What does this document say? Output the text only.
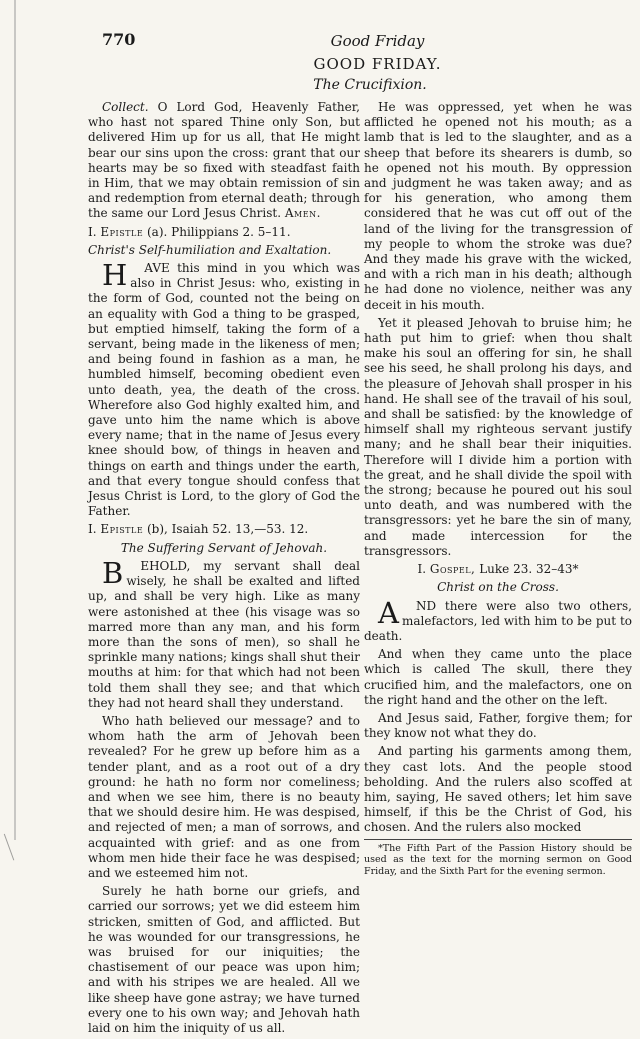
770	Good Friday
GOOD FRIDAY.
The Crucifixion.

Collect. O Lord God, Heavenly Father, who hast not spared Thine only Son, but delivered Him up for us all, that He might bear our sins upon the cross: grant that our hearts may be so fixed with steadfast faith in Him, that we may obtain remission of sin and redemption from eternal death; through the same our Lord Jesus Christ. Amen.

I. Epistle (a). Philippians 2. 5–11.

Christ's Self-humiliation and Exaltation.

H AVE this mind in you which was also in Christ Jesus: who, existing in the form of God, counted not the being on an equality with God a thing to be grasped, but emptied himself, taking the form of a servant, being made in the likeness of men; and being found in fashion as a man, he humbled himself, becoming obedient even unto death, yea, the death of the cross. Wherefore also God highly exalted him, and gave unto him the name which is above every name; that in the name of Jesus every knee should bow, of things in heaven and things on earth and things under the earth, and that every tongue should confess that Jesus Christ is Lord, to the glory of God the Father.

I. Epistle (b), Isaiah 52. 13,—53. 12.

The Suffering Servant of Jehovah.

B EHOLD, my servant shall deal wisely, he shall be exalted and lifted up, and shall be very high. Like as many were astonished at thee (his visage was so marred more than any man, and his form more than the sons of men), so shall he sprinkle many nations; kings shall shut their mouths at him: for that which had not been told them shall they see; and that which they had not heard shall they understand.

Who hath believed our message? and to whom hath the arm of Jehovah been revealed? For he grew up before him as a tender plant, and as a root out of a dry ground: he hath no form nor comeliness; and when we see him, there is no beauty that we should desire him. He was despised, and rejected of men; a man of sorrows, and acquainted with grief: and as one from whom men hide their face he was despised; and we esteemed him not.

Surely he hath borne our griefs, and carried our sorrows; yet we did esteem him stricken, smitten of God, and afflicted. But he was wounded for our transgressions, he was bruised for our iniquities; the chastisement of our peace was upon him; and with his stripes we are healed. All we like sheep have gone astray; we have turned every one to his own way; and Jehovah hath laid on him the iniquity of us all.

He was oppressed, yet when he was afflicted he opened not his mouth; as a lamb that is led to the slaughter, and as a sheep that before its shearers is dumb, so he opened not his mouth. By oppression and judgment he was taken away; and as for his generation, who among them considered that he was cut off out of the land of the living for the transgression of my people to whom the stroke was due? And they made his grave with the wicked, and with a rich man in his death; although he had done no violence, neither was any deceit in his mouth.

Yet it pleased Jehovah to bruise him; he hath put him to grief: when thou shalt make his soul an offering for sin, he shall see his seed, he shall prolong his days, and the pleasure of Jehovah shall prosper in his hand. He shall see of the travail of his soul, and shall be satisfied: by the knowledge of himself shall my righteous servant justify many; and he shall bear their iniquities. Therefore will I divide him a portion with the great, and he shall divide the spoil with the strong; because he poured out his soul unto death, and was numbered with the transgressors: yet he bare the sin of many, and made intercession for the transgressors.

I. Gospel, Luke 23. 32–43*

Christ on the Cross.

A ND there were also two others, malefactors, led with him to be put to death.

And when they came unto the place which is called The skull, there they crucified him, and the malefactors, one on the right hand and the other on the left.

And Jesus said, Father, forgive them; for they know not what they do.

And parting his garments among them, they cast lots. And the people stood beholding. And the rulers also scoffed at him, saying, He saved others; let him save himself, if this be the Christ of God, his chosen. And the rulers also mocked

*The Fifth Part of the Passion History should be used as the text for the morning sermon on Good Friday, and the Sixth Part for the evening sermon.
